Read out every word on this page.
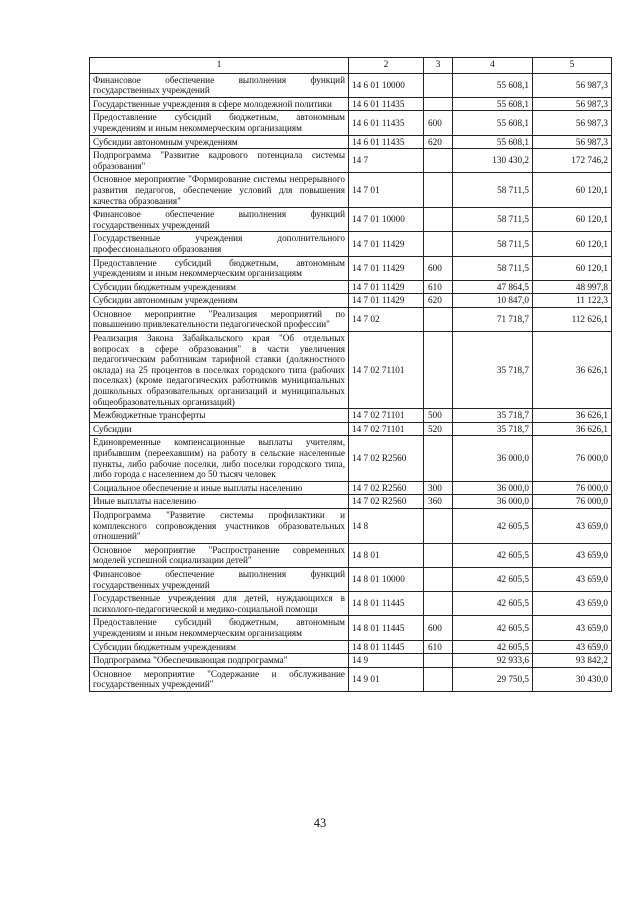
1	2	3	4	5
Финансовое обеспечение выполнения функций государственных учреждений	14 6 01 10000		55 608,1	56 987,3
Государственные учреждения в сфере молодежной политики	14 6 01 11435		55 608,1	56 987,3
Предоставление субсидий бюджетным, автономным учреждениям и иным некоммерческим организациям	14 6 01 11435	600	55 608,1	56 987,3
Субсидии автономным учреждениям	14 6 01 11435	620	55 608,1	56 987,3
Подпрограмма "Развитие кадрового потенциала системы образования"	14 7		130 430,2	172 746,2
Основное мероприятие "Формирование системы непрерывного развития педагогов, обеспечение условий для повышения качества образования"	14 7 01		58 711,5	60 120,1
Финансовое обеспечение выполнения функций государственных учреждений	14 7 01 10000		58 711,5	60 120,1
Государственные учреждения дополнительного профессионального образования	14 7 01 11429		58 711,5	60 120,1
Предоставление субсидий бюджетным, автономным учреждениям и иным некоммерческим организациям	14 7 01 11429	600	58 711,5	60 120,1
Субсидии бюджетным учреждениям	14 7 01 11429	610	47 864,5	48 997,8
Субсидии автономным учреждениям	14 7 01 11429	620	10 847,0	11 122,3
Основное мероприятие "Реализация мероприятий по повышению привлекательности педагогической профессии"	14 7 02		71 718,7	112 626,1
Реализация Закона Забайкальского края "Об отдельных вопросах в сфере образования" в части увеличения педагогическим работникам тарифной ставки (должностного оклада) на 25 процентов в поселках городского типа (рабочих поселках) (кроме педагогических работников муниципальных дошкольных образовательных организаций и муниципальных общеобразовательных организаций)	14 7 02 71101		35 718,7	36 626,1
Межбюджетные трансферты	14 7 02 71101	500	35 718,7	36 626,1
Субсидии	14 7 02 71101	520	35 718,7	36 626,1
Единовременные компенсационные выплаты учителям, прибывшим (переехавшим) на работу в сельские населенные пункты, либо рабочие поселки, либо поселки городского типа, либо города с населением до 50 тысяч человек	14 7 02 R2560		36 000,0	76 000,0
Социальное обеспечение и иные выплаты населению	14 7 02 R2560	300	36 000,0	76 000,0
Иные выплаты населению	14 7 02 R2560	360	36 000,0	76 000,0
Подпрограмма "Развитие системы профилактики и комплексного сопровождения участников образовательных отношений"	14 8		42 605,5	43 659,0
Основное мероприятие "Распространение современных моделей успешной социализации детей"	14 8 01		42 605,5	43 659,0
Финансовое обеспечение выполнения функций государственных учреждений	14 8 01 10000		42 605,5	43 659,0
Государственные учреждения для детей, нуждающихся в психолого-педагогической и медико-социальной помощи	14 8 01 11445		42 605,5	43 659,0
Предоставление субсидий бюджетным, автономным учреждениям и иным некоммерческим организациям	14 8 01 11445	600	42 605,5	43 659,0
Субсидии бюджетным учреждениям	14 8 01 11445	610	42 605,5	43 659,0
Подпрограмма "Обеспечивающая подпрограмма"	14 9		92 933,6	93 842,2
Основное мероприятие "Содержание и обслуживание государственных учреждений"	14 9 01		29 750,5	30 430,0
43
